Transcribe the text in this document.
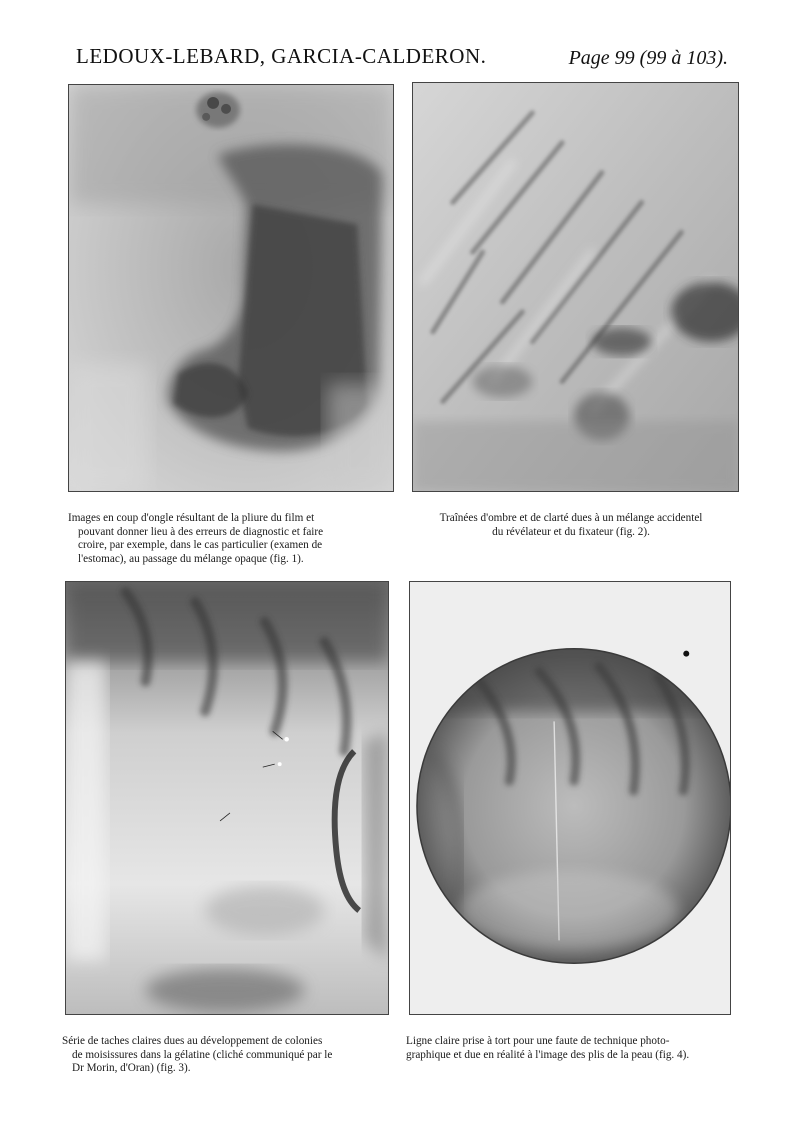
LEDOUX-LEBARD, GARCIA-CALDERON.	Page 99 (99 à 103).
Images en coup d'ongle résultant de la pliure du film et
pouvant donner lieu à des erreurs de diagnostic et faire
croire, par exemple, dans le cas particulier (examen de
l'estomac), au passage du mélange opaque (fig. 1).
Traînées d'ombre et de clarté dues à un mélange accidentel
du révélateur et du fixateur (fig. 2).
Série de taches claires dues au développement de colonies
de moisissures dans la gélatine (cliché communiqué par le
Dr Morin, d'Oran) (fig. 3).
Ligne claire prise à tort pour une faute de technique photo-
graphique et due en réalité à l'image des plis de la peau (fig. 4).
